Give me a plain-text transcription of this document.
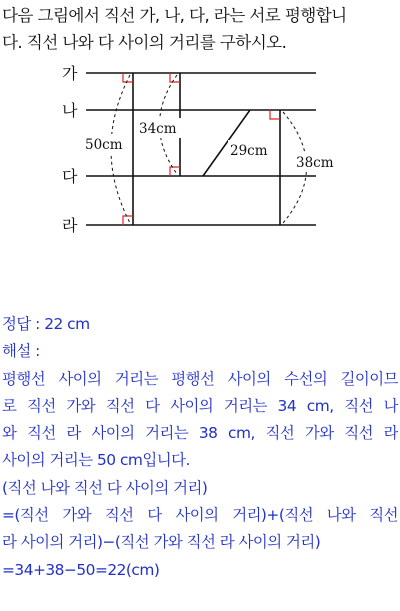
다음 그림에서 직선 가, 나, 다, 라는 서로 평행합니
다. 직선 나와 다 사이의 거리를 구하시오.
가
나
다
라
50cm
34cm
29cm
38cm
정답 : 22 cm
해설 :
평행선 사이의 거리는 평행선 사이의 수선의 길이이므
로 직선 가와 직선 다 사이의 거리는 34 cm, 직선 나
와 직선 라 사이의 거리는 38 cm, 직선 가와 직선 라
사이의 거리는 50 cm입니다.
(직선 나와 직선 다 사이의 거리)
=(직선 가와 직선 다 사이의 거리)+(직선 나와 직선
라 사이의 거리)−(직선 가와 직선 라 사이의 거리)
=34+38−50=22(cm)
